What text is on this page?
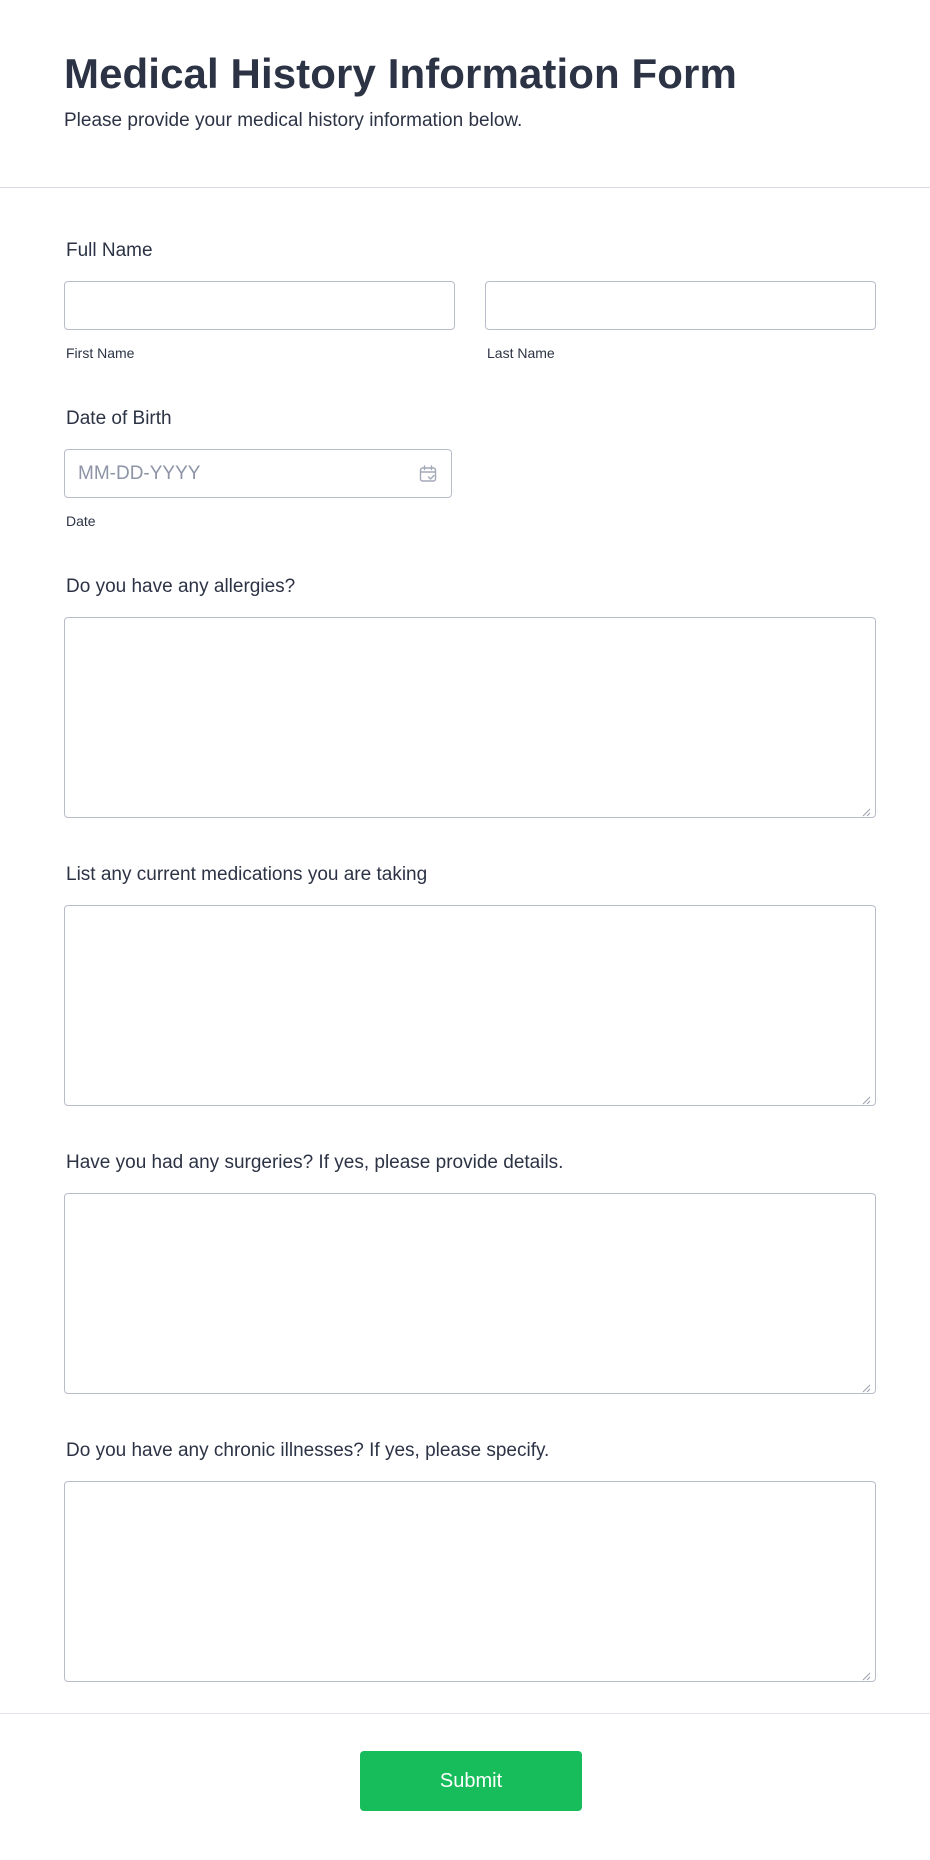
Medical History Information Form
Please provide your medical history information below.
Full Name
First Name	Last Name
Date of Birth
MM-DD-YYYY
Date
Do you have any allergies?
List any current medications you are taking
Have you had any surgeries? If yes, please provide details.
Do you have any chronic illnesses? If yes, please specify.
Submit
